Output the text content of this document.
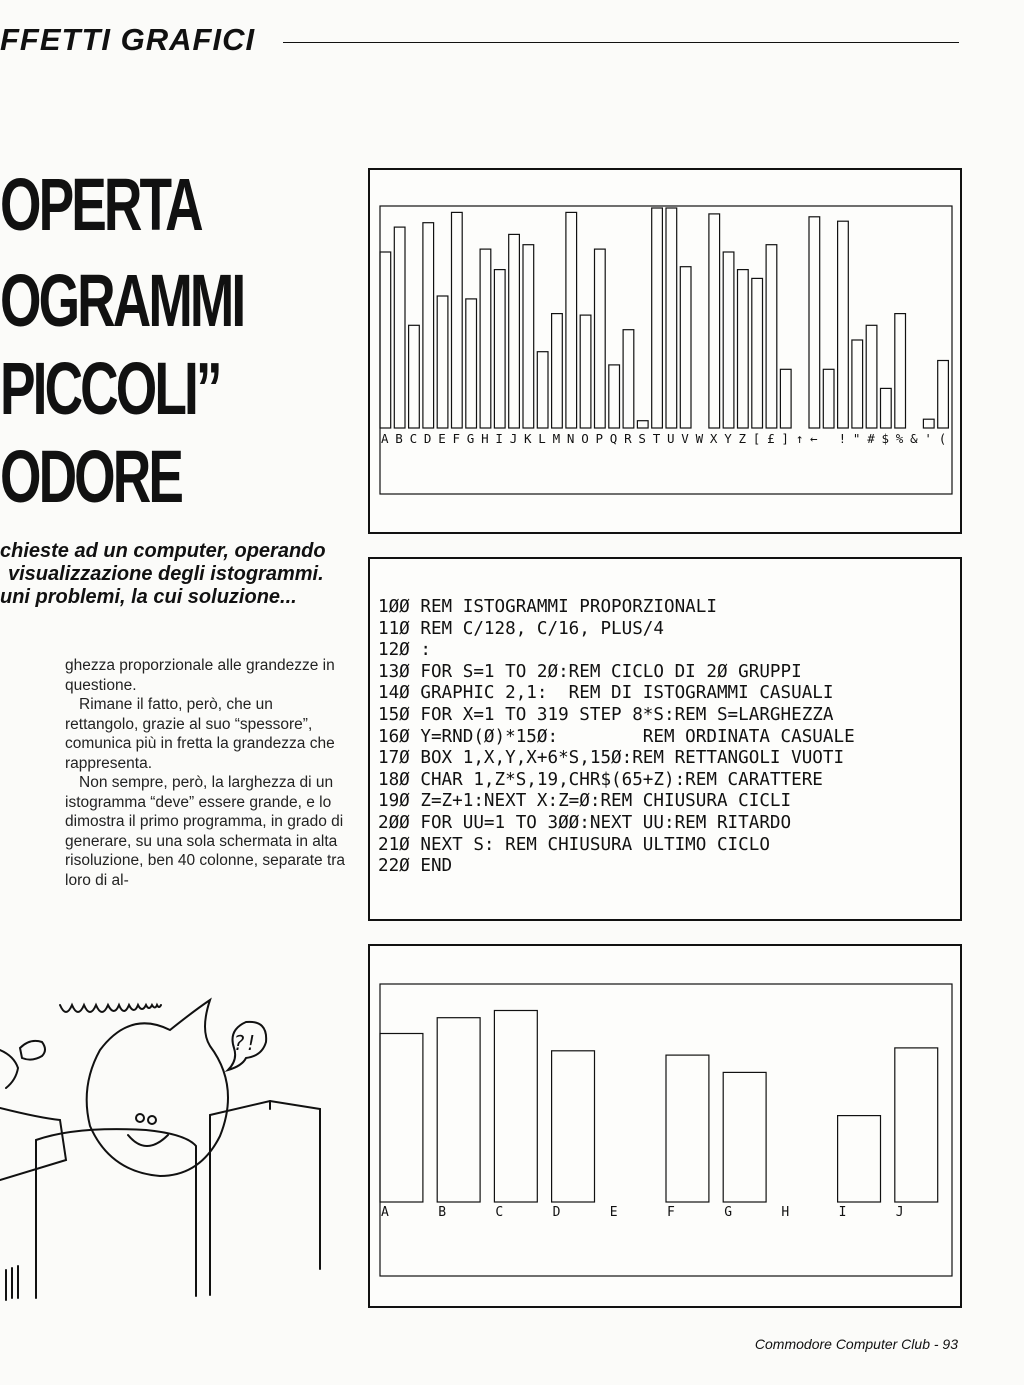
FFETTI GRAFICI
OPERTA
OGRAMMI
PICCOLI”
ODORE
chieste ad un computer, operando
visualizzazione degli istogrammi.
uni problemi, la cui soluzione...

ghezza proporzionale alle grandezze in questione.

Rimane il fatto, però, che un rettangolo, grazie al suo “spessore”, comunica più in fretta la grandezza che rappresenta.

Non sempre, però, la larghezza di un istogramma “deve” essere grande, e lo dimostra il primo programma, in grado di generare, su una sola schermata in alta risoluzione, ben 40 colonne, separate tra loro di al-

A B C D E F G H I J K L M N O P Q R S T U V W X Y Z [ £ ] ↑ ← ! " # $ % & ' (
1ØØ REM ISTOGRAMMI PROPORZIONALI
11Ø REM C/128, C/16, PLUS/4
12Ø :
13Ø FOR S=1 TO 2Ø:REM CICLO DI 2Ø GRUPPI
14Ø GRAPHIC 2,1:  REM DI ISTOGRAMMI CASUALI
15Ø FOR X=1 TO 319 STEP 8*S:REM S=LARGHEZZA
16Ø Y=RND(Ø)*15Ø:        REM ORDINATA CASUALE
17Ø BOX 1,X,Y,X+6*S,15Ø:REM RETTANGOLI VUOTI
18Ø CHAR 1,Z*S,19,CHR$(65+Z):REM CARATTERE
19Ø Z=Z+1:NEXT X:Z=Ø:REM CHIUSURA CICLI
2ØØ FOR UU=1 TO 3ØØ:NEXT UU:REM RITARDO
21Ø NEXT S: REM CHIUSURA ULTIMO CICLO
22Ø END
A	B	C	D	E	F	G	H	I	J
?!
Commodore Computer Club - 93
